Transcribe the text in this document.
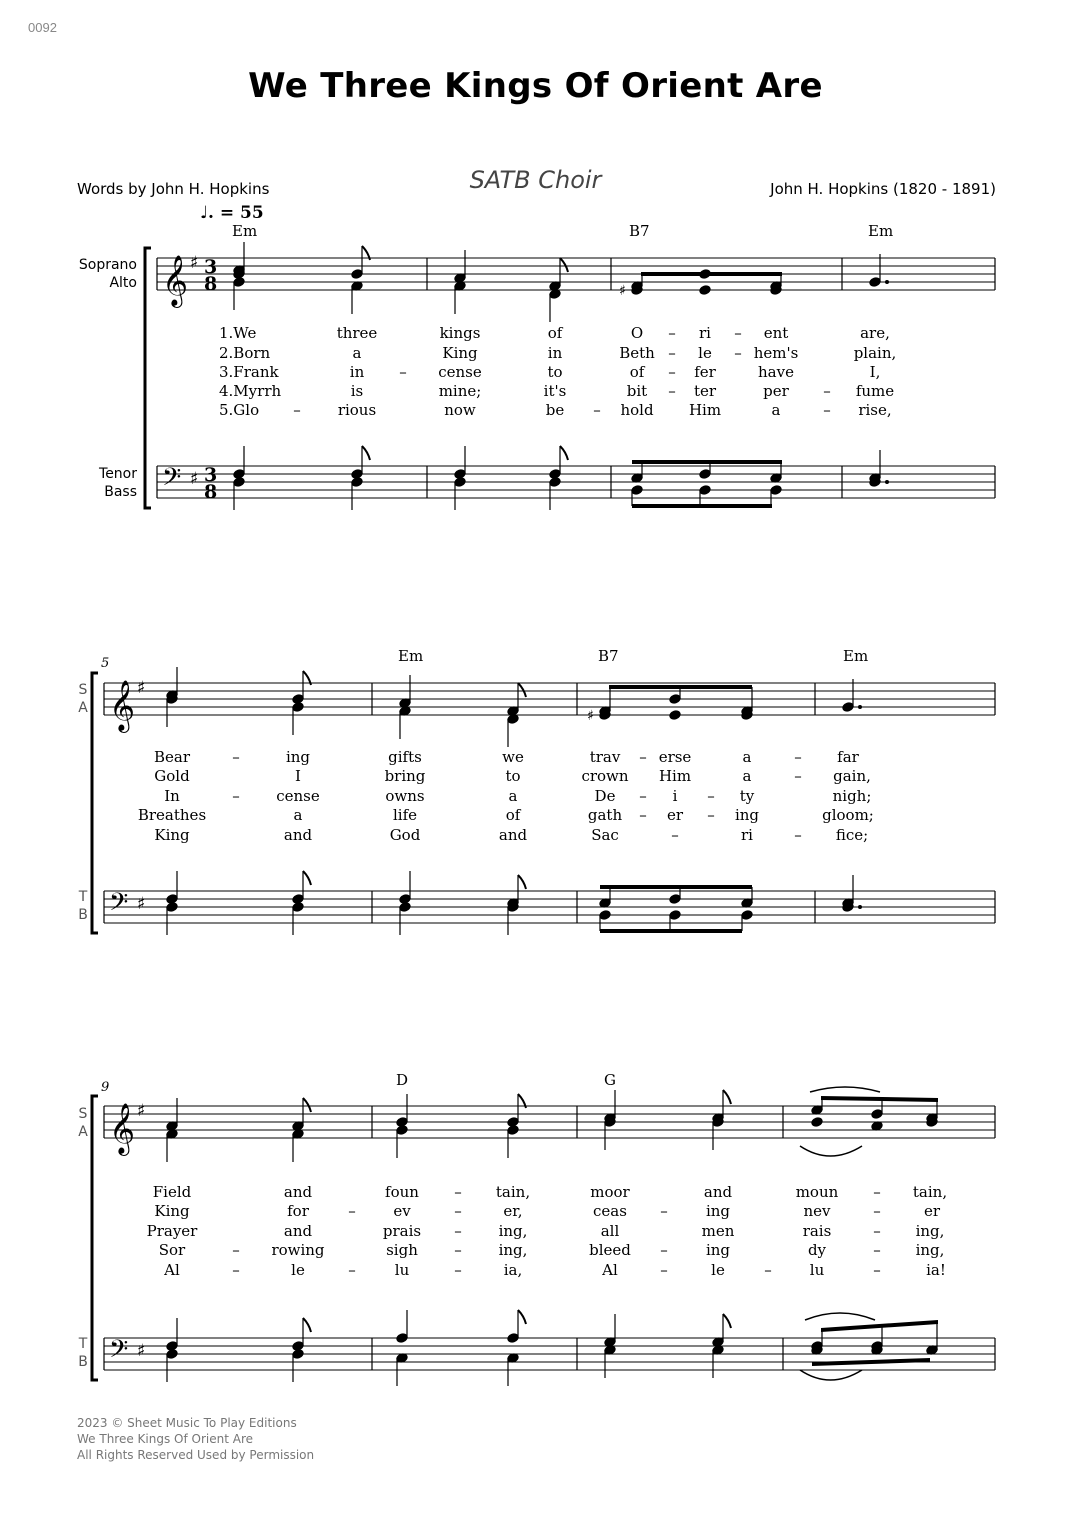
0092
We Three Kings Of Orient Are
SATB Choir
Words by John H. Hopkins	John H. Hopkins (1820 - 1891)
♩. = 55
Soprano
Alto
Tenor
Bass
Em	B7	Em
𝄞 ♯ 3
8	♯
𝄢 ♯ 3
8
1.We	three	kings	of	O – ri – ent	are,
2.Born	a	King	in	Beth – le – hem's	plain,
3.Frank	in – cense	to	of – fer	have	I,
4.Myrrh	is	mine;	it's	bit – ter	per – fume
5.Glo – rious	now	be – hold Him	a	– rise,
5
S
A
T
B
Em	B7	Em
𝄞 ♯
♯
𝄢 ♯
Bear	–	ing	gifts	we	trav – erse	a	– far
Gold	I	bring	to	crown Him	a	– gain,
In	– cense	owns	a	De – i – ty	nigh;
Breathes	a	life	of	gath – er – ing	gloom;
King	and	God	and	Sac	–	ri	– fice;
9
S
A
T
B
D	G
𝄞 ♯
𝄢 ♯
Field	and	foun – tain,	moor	and	moun – tain,
King	for	–	ev	–	er,	ceas –	ing	nev	–	er
Prayer	and	prais – ing,	all	men	rais	– ing,
Sor	– rowing	sigh – ing,	bleed –	ing	dy	– ing,
Al	–	le	–	lu	–	ia,	Al	–	le	–	lu	–	ia!
2023 © Sheet Music To Play Editions
We Three Kings Of Orient Are
All Rights Reserved Used by Permission
